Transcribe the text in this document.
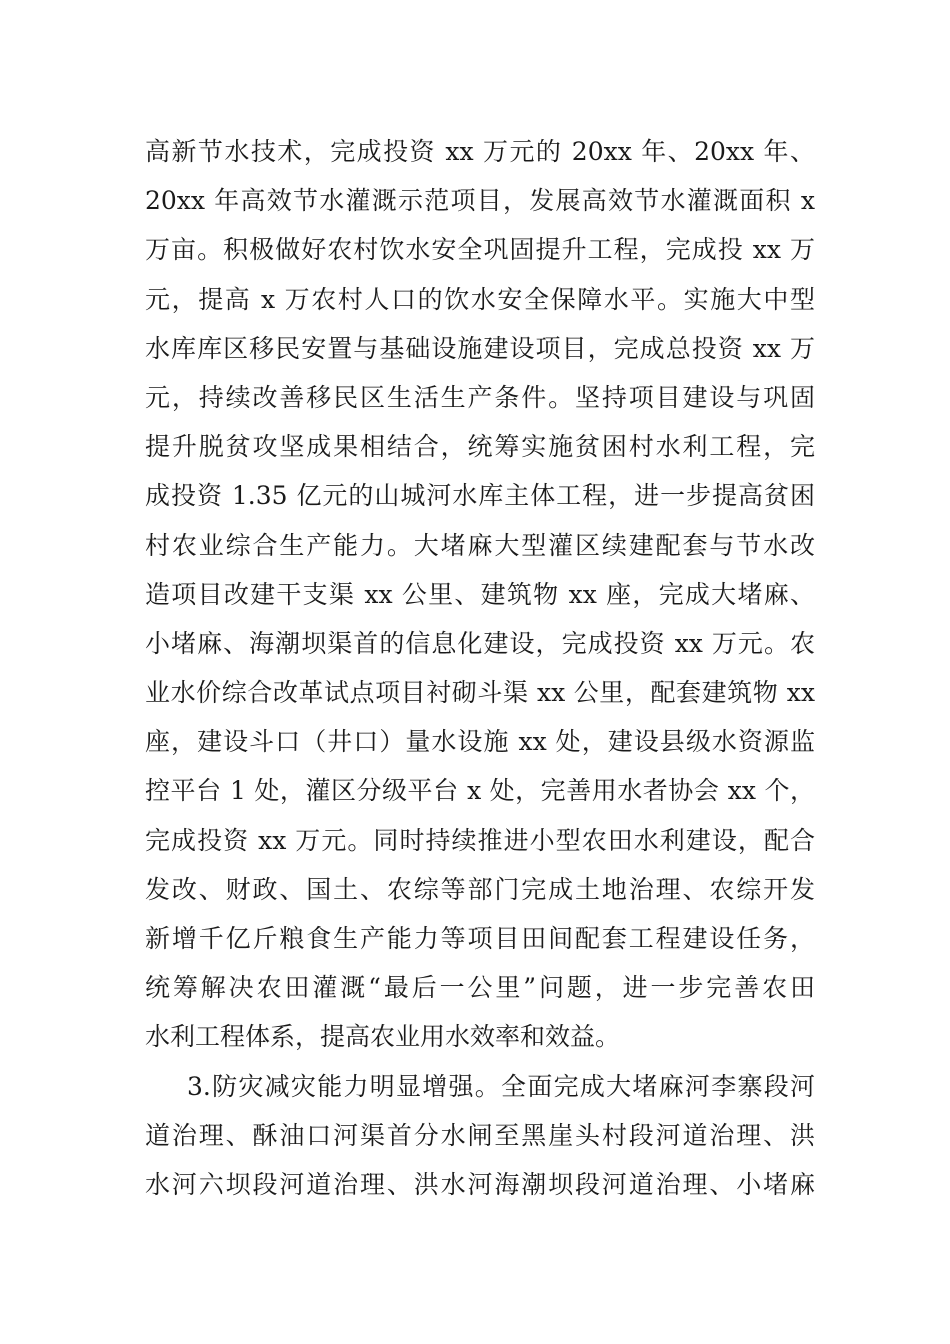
高新节水技术，完成投资 xx 万元的 20xx 年、20xx 年、
20xx 年高效节水灌溉示范项目，发展高效节水灌溉面积 x
万亩。积极做好农村饮水安全巩固提升工程，完成投 xx 万
元，提高 x 万农村人口的饮水安全保障水平。实施大中型
水库库区移民安置与基础设施建设项目，完成总投资 xx 万
元，持续改善移民区生活生产条件。坚持项目建设与巩固
提升脱贫攻坚成果相结合，统筹实施贫困村水利工程，完
成投资 1.35 亿元的山城河水库主体工程，进一步提高贫困
村农业综合生产能力。大堵麻大型灌区续建配套与节水改
造项目改建干支渠 xx 公里、建筑物 xx 座，完成大堵麻、
小堵麻、海潮坝渠首的信息化建设，完成投资 xx 万元。农
业水价综合改革试点项目衬砌斗渠 xx 公里，配套建筑物 xx
座，建设斗口（井口）量水设施 xx 处，建设县级水资源监
控平台 1 处，灌区分级平台 x 处，完善用水者协会 xx 个，
完成投资 xx 万元。同时持续推进小型农田水利建设，配合
发改、财政、国土、农综等部门完成土地治理、农综开发
新增千亿斤粮食生产能力等项目田间配套工程建设任务，
统筹解决农田灌溉“最后一公里”问题，进一步完善农田
水利工程体系，提高农业用水效率和效益。
3.防灾减灾能力明显增强。全面完成大堵麻河李寨段河
道治理、酥油口河渠首分水闸至黑崖头村段河道治理、洪
水河六坝段河道治理、洪水河海潮坝段河道治理、小堵麻
